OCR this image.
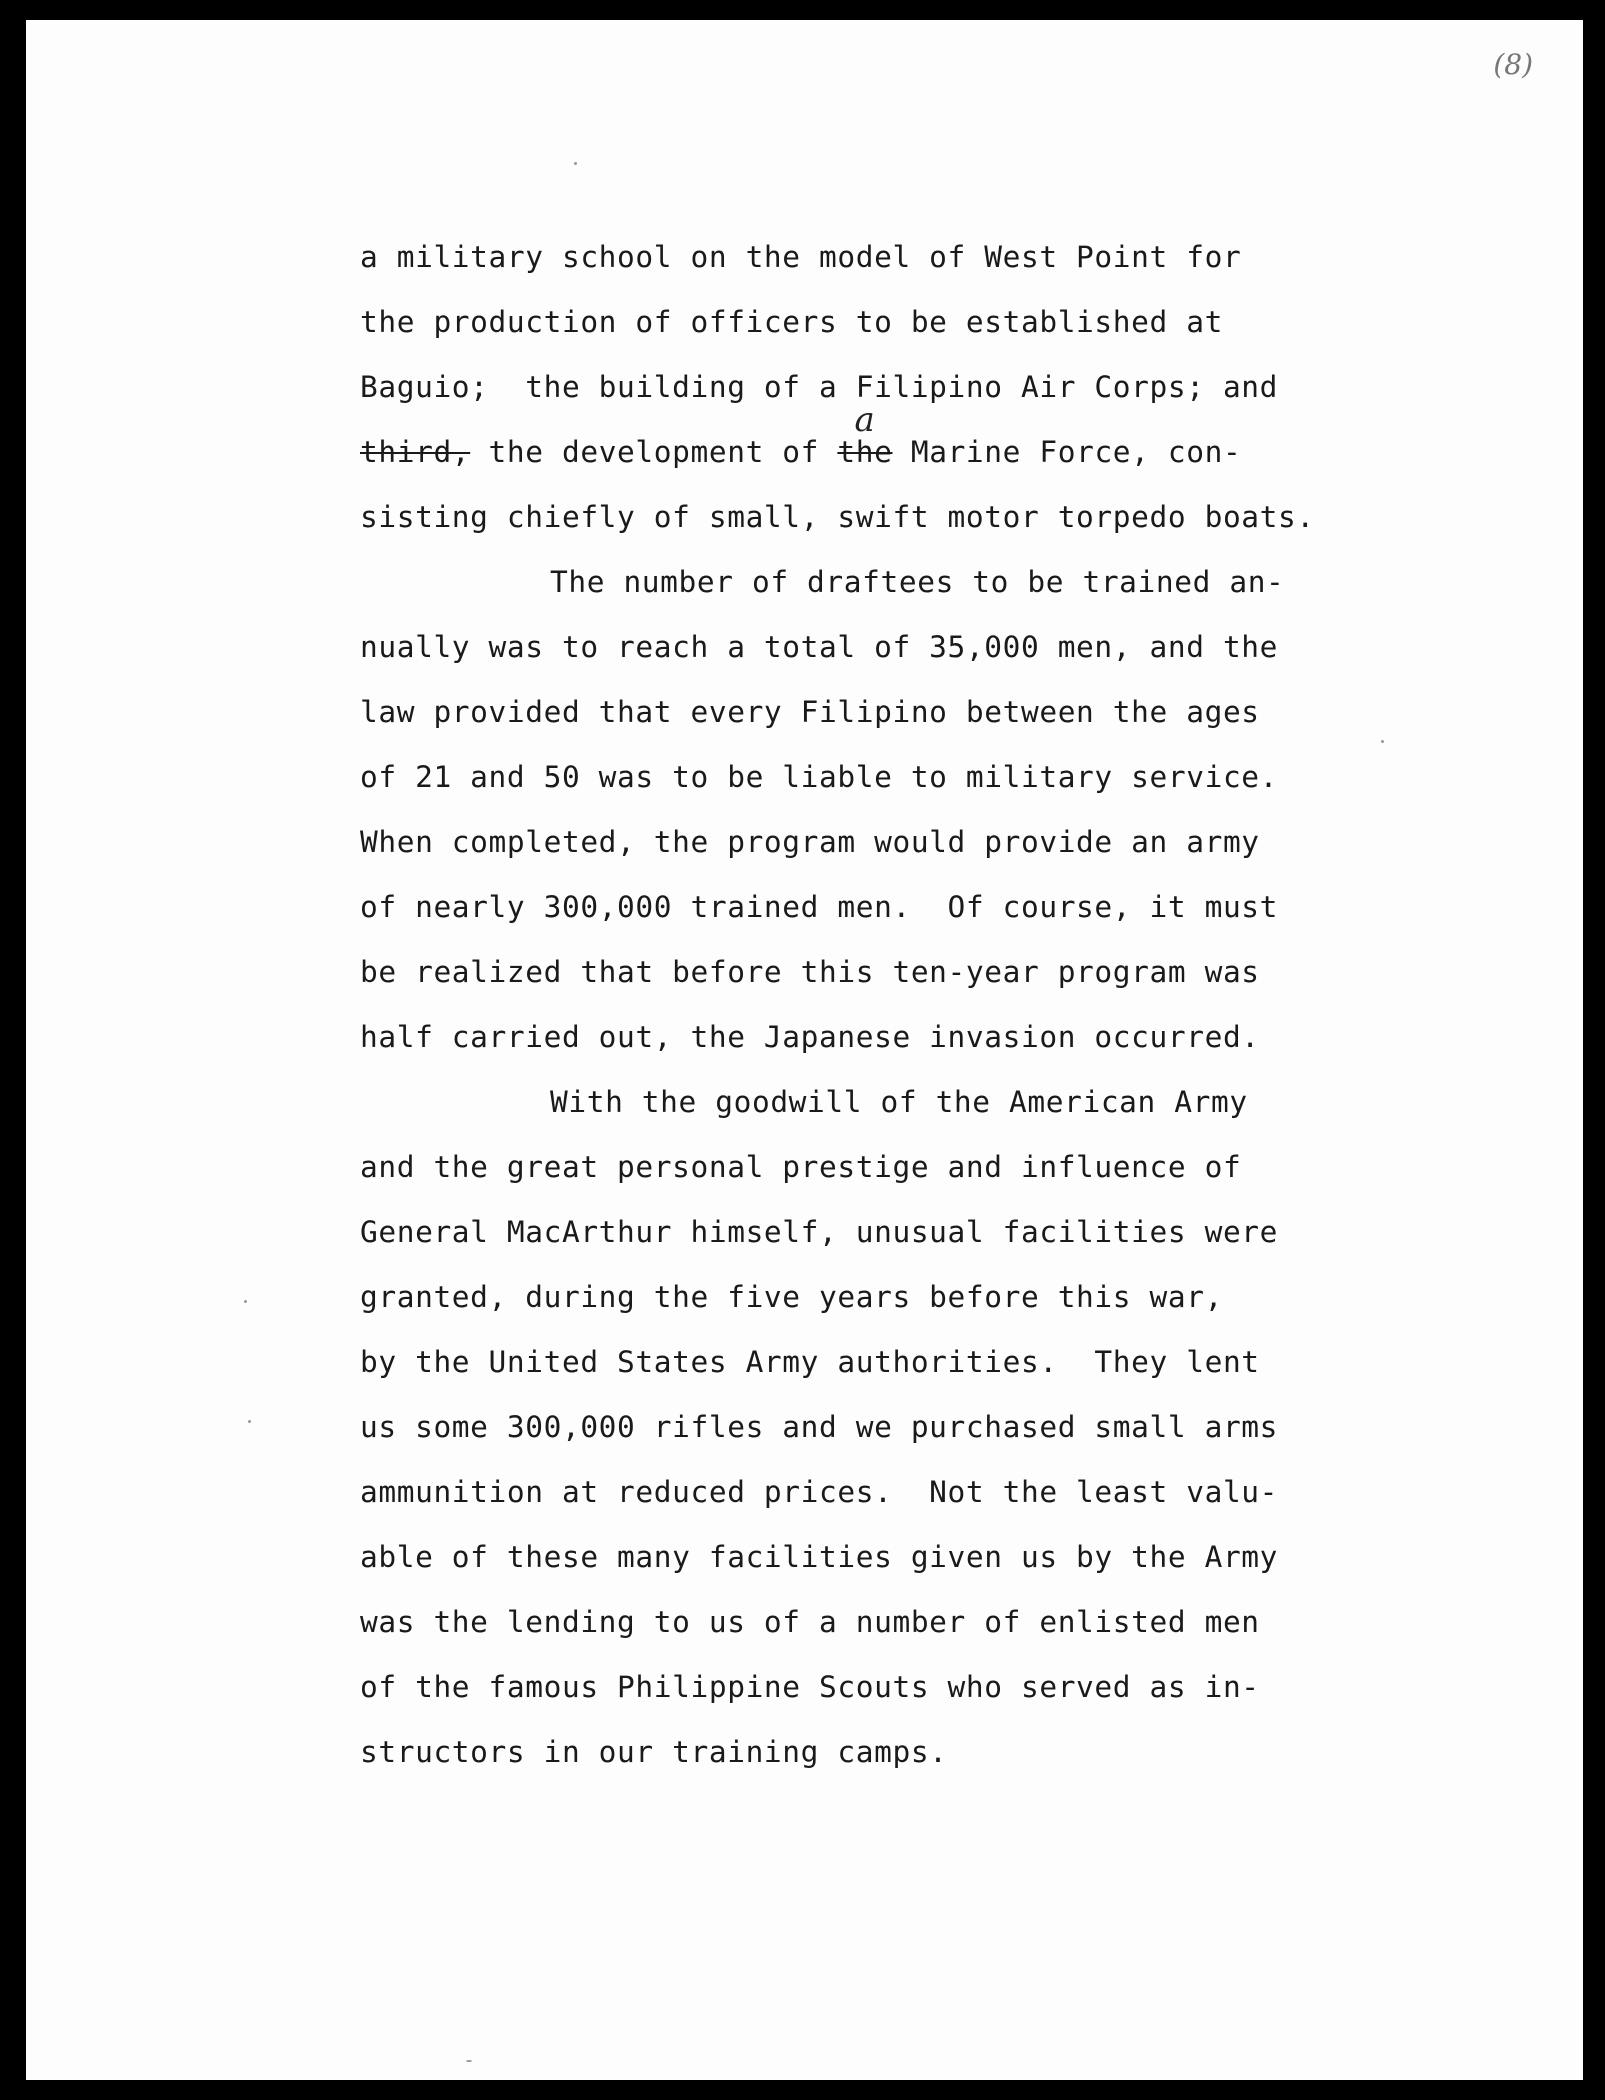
(8)
a military school on the model of West Point for
the production of officers to be established at
Baguio;  the building of a Filipino Air Corps; and
third, the development of
a
the Marine Force, con-
sisting chiefly of small, swift motor torpedo boats.
The number of draftees to be trained an-
nually was to reach a total of 35,000 men, and the
law provided that every Filipino between the ages
of 21 and 50 was to be liable to military service.
When completed, the program would provide an army
of nearly 300,000 trained men.  Of course, it must
be realized that before this ten-year program was
half carried out, the Japanese invasion occurred.
With the goodwill of the American Army
and the great personal prestige and influence of
General MacArthur himself, unusual facilities were
granted, during the five years before this war,
by the United States Army authorities.  They lent
us some 300,000 rifles and we purchased small arms
ammunition at reduced prices.  Not the least valu-
able of these many facilities given us by the Army
was the lending to us of a number of enlisted men
of the famous Philippine Scouts who served as in-
structors in our training camps.
